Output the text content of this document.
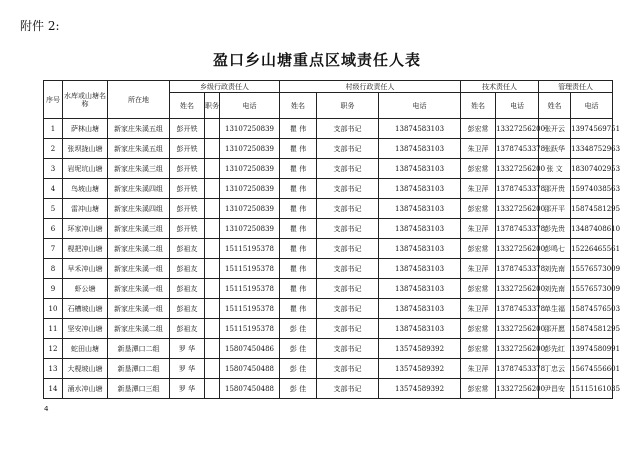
附件 2:
盈口乡山塘重点区域责任人表
序号	水库或山塘名称	所在地	乡级行政责任人			村级行政责任人			技术责任人		管理责任人	
			姓名	职务	电话	姓名	职务	电话	姓名	电话	姓名	电话
1	萨林山塘	新家庄朱溪五组	彭开铁		13107250839	瞿 伟	支部书记	13874583103	彭宏常	13327256200	张开云	13974569751
2	张坝拢山塘	新家庄朱溪五组	彭开铁		13107250839	瞿 伟	支部书记	13874583103	朱卫萍	13787453378	张跃华	13348752963
3	岩坭坑山塘	新家庄朱溪三组	彭开铁		13107250839	瞿 伟	支部书记	13874583103	彭宏常	13327256200	张 文	18307402953
4	鸟坡山塘	新家庄朱溪四组	彭开铁		13107250839	瞿 伟	支部书记	13874583103	朱卫萍	13787453378	邵开贵	15974038563
5	雷冲山塘	新家庄朱溪四组	彭开铁		13107250839	瞿 伟	支部书记	13874583103	彭宏常	13327256200	邵开平	15874581295
6	环家冲山塘	新家庄朱溪三组	彭开铁		13107250839	瞿 伟	支部书记	13874583103	朱卫萍	13787453378	彭先贵	13487408610
7	枧把冲山塘	新家庄朱溪二组	彭祖友		15115195378	瞿 伟	支部书记	13874583103	彭宏常	13327256200	彭鸣七	15226465561
8	早禾冲山塘	新家庄朱溪一组	彭祖友		15115195378	瞿 伟	支部书记	13874583103	朱卫萍	13787453378	刘先南	15576573009
9	虾公塘	新家庄朱溪一组	彭祖友		15115195378	瞿 伟	支部书记	13874583103	彭宏常	13327256200	刘先南	15576573009
10	石槽坡山塘	新家庄朱溪一组	彭祖友		15115195378	瞿 伟	支部书记	13874583103	朱卫萍	13787453378	单生福	15874576503
11	坚安冲山塘	新家庄朱溪二组	彭祖友		15115195378	彭 佳	支部书记	13874583103	彭宏常	13327256200	邵开愿	15874581295
12	蛇田山塘	新垦潭口二组	罗 华		15807450486	彭 佳	支部书记	13574589392	彭宏常	13327256200	彭先红	13974580991
13	大枧坡山塘	新垦潭口二组	罗 华		15807450488	彭 佳	支部书记	13574589392	朱卫萍	13787453378	丁忠云	15674556601
14	涌水冲山塘	新垦潭口三组	罗 华		15807450488	彭 佳	支部书记	13574589392	彭宏常	13327256200	尹昌安	15115161035
4
